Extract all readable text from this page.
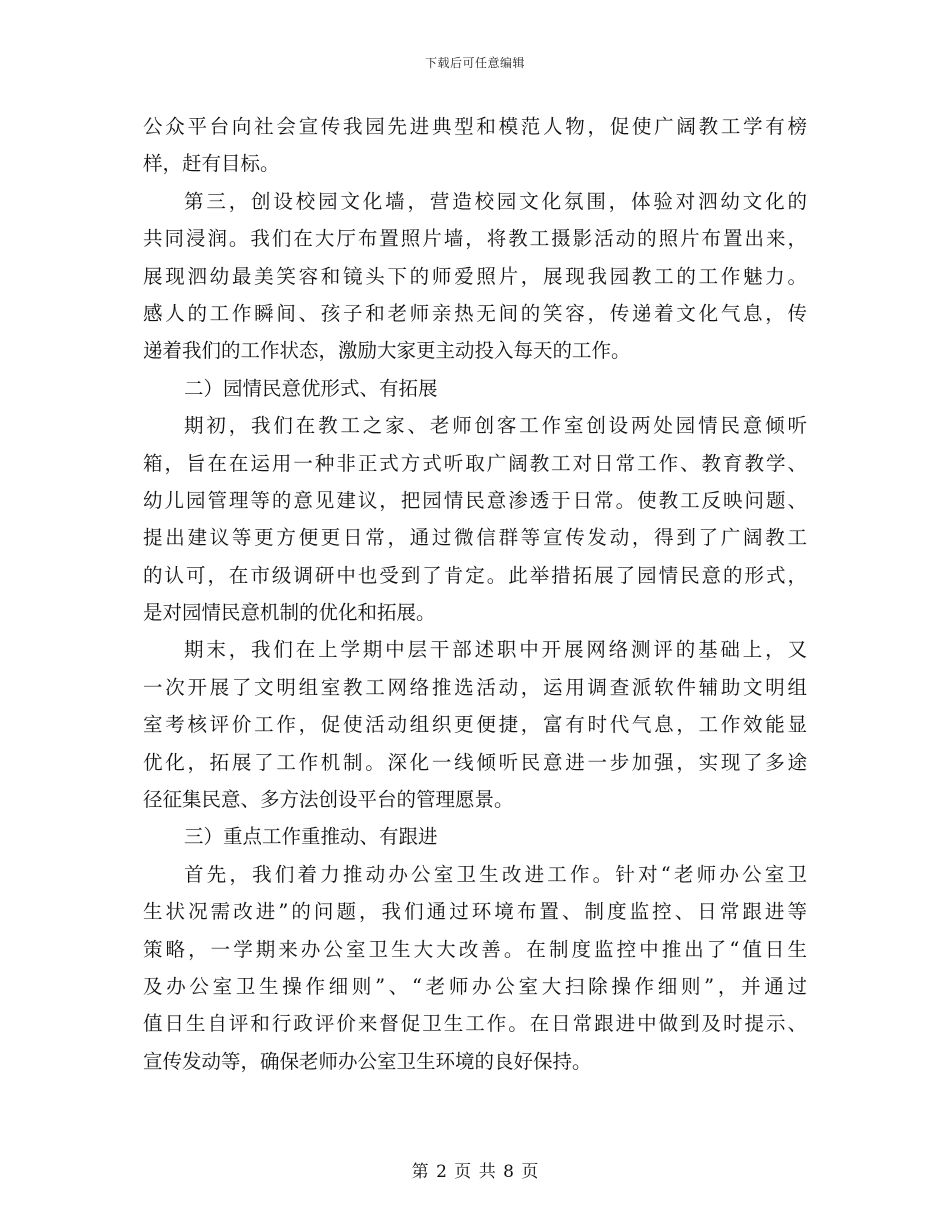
下载后可任意编辑
公众平台向社会宣传我园先进典型和模范人物，促使广阔教工学有榜
样，赶有目标。
第三，创设校园文化墙，营造校园文化氛围，体验对泗幼文化的
共同浸润。我们在大厅布置照片墙，将教工摄影活动的照片布置出来，
展现泗幼最美笑容和镜头下的师爱照片，展现我园教工的工作魅力。
感人的工作瞬间、孩子和老师亲热无间的笑容，传递着文化气息，传
递着我们的工作状态，激励大家更主动投入每天的工作。
二）园情民意优形式、有拓展
期初，我们在教工之家、老师创客工作室创设两处园情民意倾听
箱，旨在在运用一种非正式方式听取广阔教工对日常工作、教育教学、
幼儿园管理等的意见建议，把园情民意渗透于日常。使教工反映问题、
提出建议等更方便更日常，通过微信群等宣传发动，得到了广阔教工
的认可，在市级调研中也受到了肯定。此举措拓展了园情民意的形式，
是对园情民意机制的优化和拓展。
期末，我们在上学期中层干部述职中开展网络测评的基础上，又
一次开展了文明组室教工网络推选活动，运用调查派软件辅助文明组
室考核评价工作，促使活动组织更便捷，富有时代气息，工作效能显
优化，拓展了工作机制。深化一线倾听民意进一步加强，实现了多途
径征集民意、多方法创设平台的管理愿景。
三）重点工作重推动、有跟进
首先，我们着力推动办公室卫生改进工作。针对“老师办公室卫
生状况需改进”的问题，我们通过环境布置、制度监控、日常跟进等
策略，一学期来办公室卫生大大改善。在制度监控中推出了“值日生
及办公室卫生操作细则”、“老师办公室大扫除操作细则”，并通过
值日生自评和行政评价来督促卫生工作。在日常跟进中做到及时提示、
宣传发动等，确保老师办公室卫生环境的良好保持。
第 2 页 共 8 页
